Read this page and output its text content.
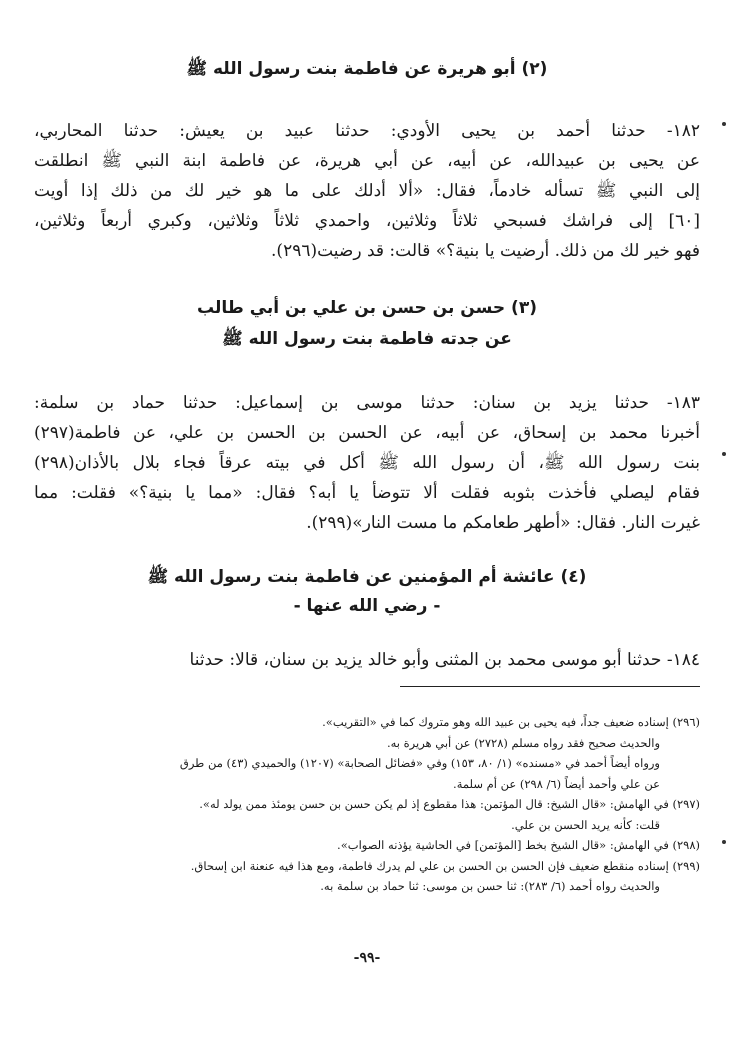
(٢) أبو هريرة عن فاطمة بنت رسول الله ﷺ
١٨٢- حدثنا أحمد بن يحيى الأودي: حدثنا عبيد بن يعيش: حدثنا المحاربي،
عن يحيى بن عبيدالله، عن أبيه، عن أبي هريرة، عن فاطمة ابنة النبي ﷺ انطلقت
إلى النبي ﷺ تسأله خادماً، فقال: «ألا أدلك على ما هو خير لك من ذلك إذا أويت
[٦٠] إلى فراشك فسبحي ثلاثاً وثلاثين، واحمدي ثلاثاً وثلاثين، وكبري أربعاً وثلاثين،
فهو خير لك من ذلك. أرضيت يا بنية؟» قالت: قد رضيت(٢٩٦).
(٣) حسن بن حسن بن علي بن أبي طالب
عن جدته فاطمة بنت رسول الله ﷺ
١٨٣- حدثنا يزيد بن سنان: حدثنا موسى بن إسماعيل: حدثنا حماد بن سلمة:
أخبرنا محمد بن إسحاق، عن أبيه، عن الحسن بن الحسن بن علي، عن فاطمة(٢٩٧)
بنت رسول الله ﷺ، أن رسول الله ﷺ أكل في بيته عرقاً فجاء بلال بالأذان(٢٩٨)
فقام ليصلي فأخذت بثوبه فقلت ألا تتوضأ يا أبه؟ فقال: «مما يا بنية؟» فقلت: مما
غيرت النار. فقال: «أطهر طعامكم ما مست النار»(٢٩٩).
(٤) عائشة أم المؤمنين عن فاطمة بنت رسول الله ﷺ
- رضي الله عنها -
١٨٤- حدثنا أبو موسى محمد بن المثنى وأبو خالد يزيد بن سنان، قالا: حدثنا
(٢٩٦) إسناده ضعيف جداً، فيه يحيى بن عبيد الله وهو متروك كما في «التقريب».
والحديث صحيح فقد رواه مسلم (٢٧٢٨) عن أبي هريرة به.
ورواه أيضاً أحمد في «مسنده» (١/ ٨٠، ١٥٣) وفي «فضائل الصحابة» (١٢٠٧) والحميدي (٤٣) من طرق
عن علي وأحمد أيضاً (٦/ ٢٩٨) عن أم سلمة.
(٢٩٧) في الهامش: «قال الشيخ: قال المؤتمن: هذا مقطوع إذ لم يكن حسن بن حسن يومئذ ممن يولد له».
قلت: كأنه يريد الحسن بن علي.
(٢٩٨) في الهامش: «قال الشيخ بخط [المؤتمن] في الحاشية يؤذنه الصواب».
(٢٩٩) إسناده منقطع ضعيف فإن الحسن بن الحسن بن علي لم يدرك فاطمة، ومع هذا فيه عنعنة ابن إسحاق.
والحديث رواه أحمد (٦/ ٢٨٣): ثنا حسن بن موسى: ثنا حماد بن سلمة به.
-٩٩-
